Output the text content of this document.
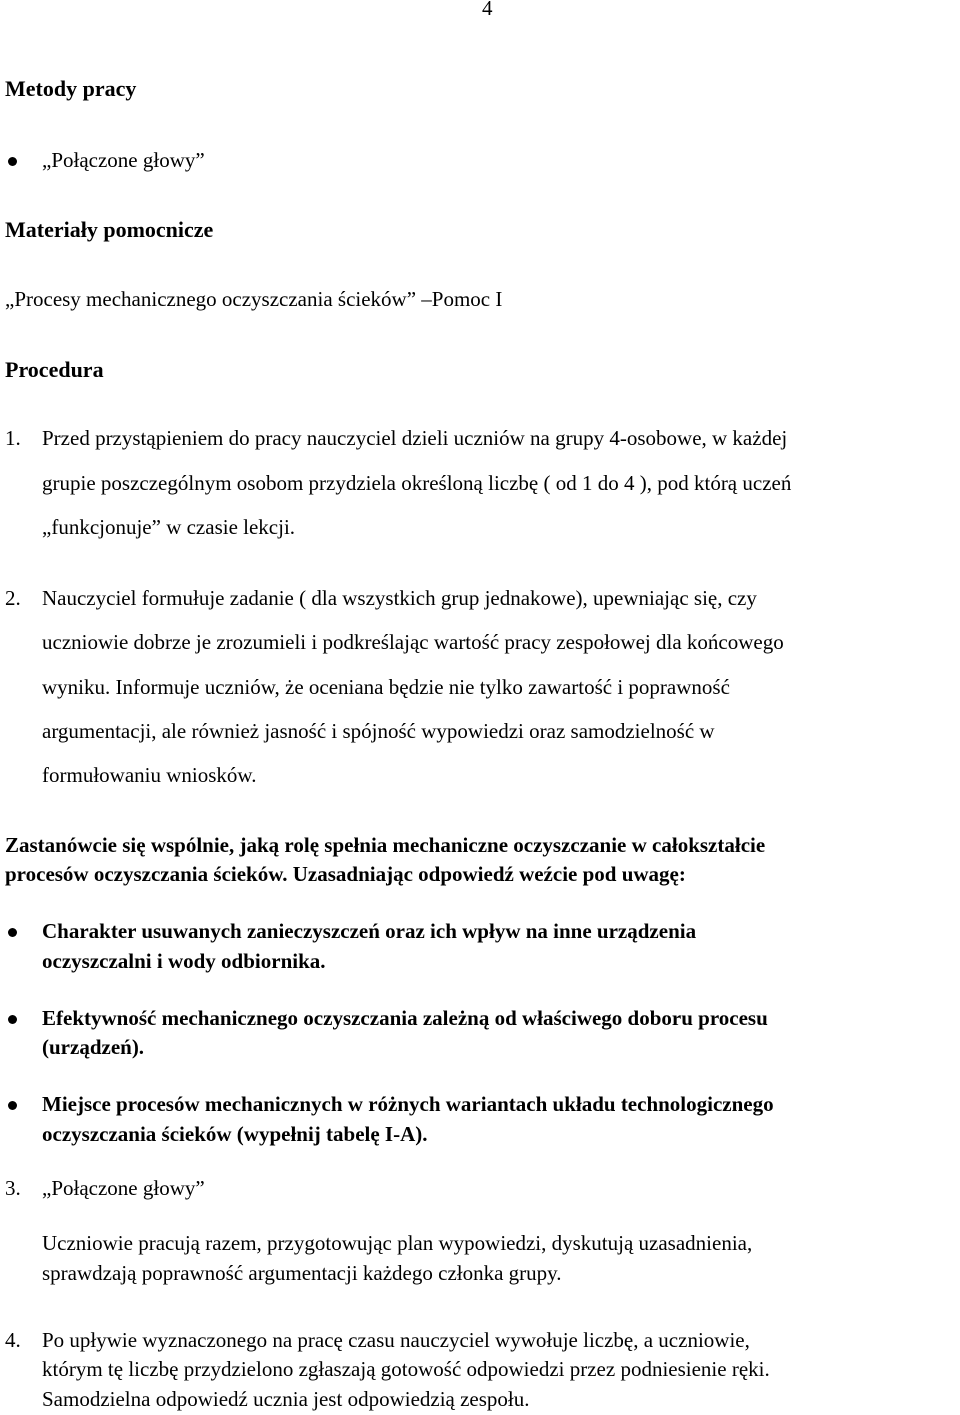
4
Metody pracy
„Połączone głowy”
Materiały pomocnicze
„Procesy mechanicznego oczyszczania ścieków” –Pomoc I
Procedura
1. Przed przystąpieniem do pracy nauczyciel dzieli uczniów na grupy 4-osobowe, w każdej
grupie poszczególnym osobom przydziela określoną liczbę ( od 1 do 4 ), pod którą uczeń
„funkcjonuje” w czasie lekcji.
2. Nauczyciel formułuje zadanie ( dla wszystkich grup jednakowe), upewniając się, czy
uczniowie dobrze je zrozumieli i podkreślając wartość pracy zespołowej dla końcowego
wyniku. Informuje uczniów, że oceniana będzie nie tylko zawartość i poprawność
argumentacji, ale również jasność i spójność wypowiedzi oraz samodzielność w
formułowaniu wniosków.
Zastanówcie się wspólnie, jaką rolę spełnia mechaniczne oczyszczanie w całokształcie
procesów oczyszczania ścieków. Uzasadniając odpowiedź weźcie pod uwagę:
Charakter usuwanych zanieczyszczeń oraz ich wpływ na inne urządzenia
oczyszczalni i wody odbiornika.
Efektywność mechanicznego oczyszczania zależną od właściwego doboru procesu
(urządzeń).
Miejsce procesów mechanicznych w różnych wariantach układu technologicznego
oczyszczania ścieków (wypełnij tabelę I-A).
3. „Połączone głowy”
Uczniowie pracują razem, przygotowując plan wypowiedzi, dyskutują uzasadnienia,
sprawdzają poprawność argumentacji każdego członka grupy.
4. Po upływie wyznaczonego na pracę czasu nauczyciel wywołuje liczbę, a uczniowie,
którym tę liczbę przydzielono zgłaszają gotowość odpowiedzi przez podniesienie ręki.
Samodzielna odpowiedź ucznia jest odpowiedzią zespołu.
